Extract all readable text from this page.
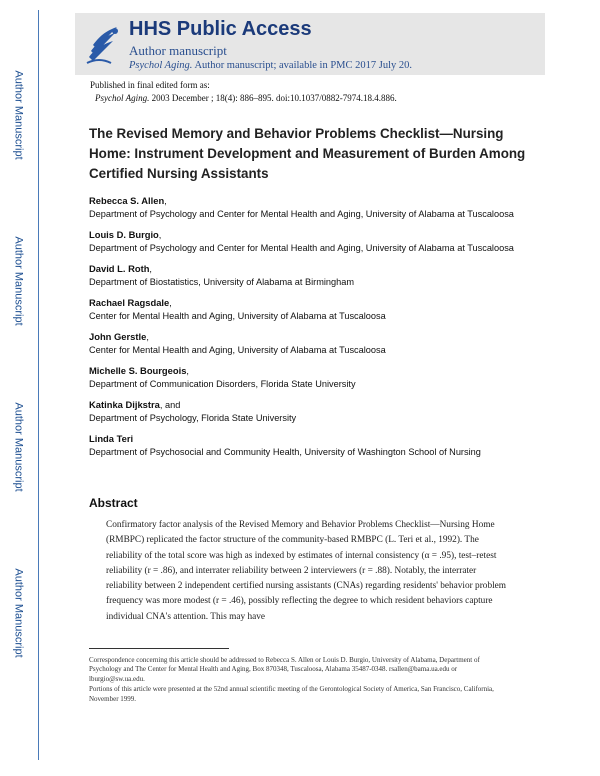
Author Manuscript
Author Manuscript
Author Manuscript
Author Manuscript
HHS Public Access
Author manuscript
Psychol Aging. Author manuscript; available in PMC 2017 July 20.
Published in final edited form as:
Psychol Aging. 2003 December ; 18(4): 886–895. doi:10.1037/0882-7974.18.4.886.
The Revised Memory and Behavior Problems Checklist—Nursing Home: Instrument Development and Measurement of Burden Among Certified Nursing Assistants
Rebecca S. Allen,
Department of Psychology and Center for Mental Health and Aging, University of Alabama at Tuscaloosa
Louis D. Burgio,
Department of Psychology and Center for Mental Health and Aging, University of Alabama at Tuscaloosa
David L. Roth,
Department of Biostatistics, University of Alabama at Birmingham
Rachael Ragsdale,
Center for Mental Health and Aging, University of Alabama at Tuscaloosa
John Gerstle,
Center for Mental Health and Aging, University of Alabama at Tuscaloosa
Michelle S. Bourgeois,
Department of Communication Disorders, Florida State University
Katinka Dijkstra, and
Department of Psychology, Florida State University
Linda Teri
Department of Psychosocial and Community Health, University of Washington School of Nursing
Abstract
Confirmatory factor analysis of the Revised Memory and Behavior Problems Checklist—Nursing Home (RMBPC) replicated the factor structure of the community-based RMBPC (L. Teri et al., 1992). The reliability of the total score was high as indexed by estimates of internal consistency (α = .95), test–retest reliability (r = .86), and interrater reliability between 2 interviewers (r = .88). Notably, the interrater reliability between 2 independent certified nursing assistants (CNAs) regarding residents' behavior problem frequency was more modest (r = .46), possibly reflecting the degree to which resident behaviors capture individual CNA's attention. This may have

Correspondence concerning this article should be addressed to Rebecca S. Allen or Louis D. Burgio, University of Alabama, Department of Psychology and The Center for Mental Health and Aging, Box 870348, Tuscaloosa, Alabama 35487-0348. rsallen@bama.ua.edu or lburgio@sw.ua.edu.

Portions of this article were presented at the 52nd annual scientific meeting of the Gerontological Society of America, San Francisco, California, November 1999.
